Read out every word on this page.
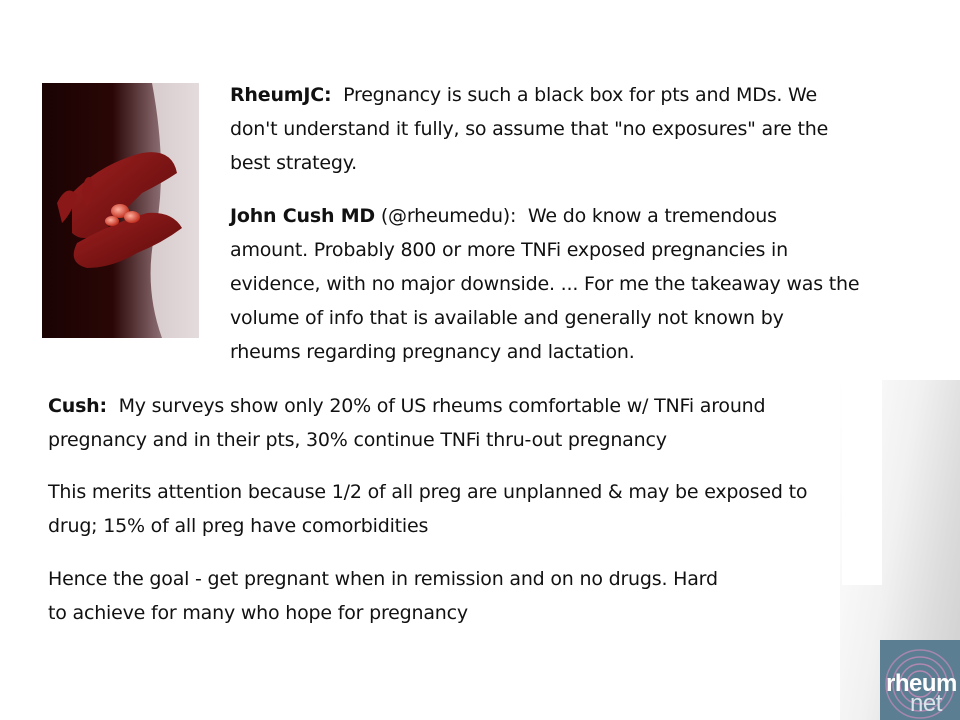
RheumJC: Pregnancy is such a black box for pts and MDs. We
don't understand it fully, so assume that "no exposures" are the
best strategy.
John Cush MD (@rheumedu): We do know a tremendous
amount. Probably 800 or more TNFi exposed pregnancies in
evidence, with no major downside. ... For me the takeaway was the
volume of info that is available and generally not known by
rheums regarding pregnancy and lactation.
Cush: My surveys show only 20% of US rheums comfortable w/ TNFi around
pregnancy and in their pts, 30% continue TNFi thru-out pregnancy
This merits attention because 1/2 of all preg are unplanned & may be exposed to
drug; 15% of all preg have comorbidities
Hence the goal - get pregnant when in remission and on no drugs. Hard
to achieve for many who hope for pregnancy
rheum
net
